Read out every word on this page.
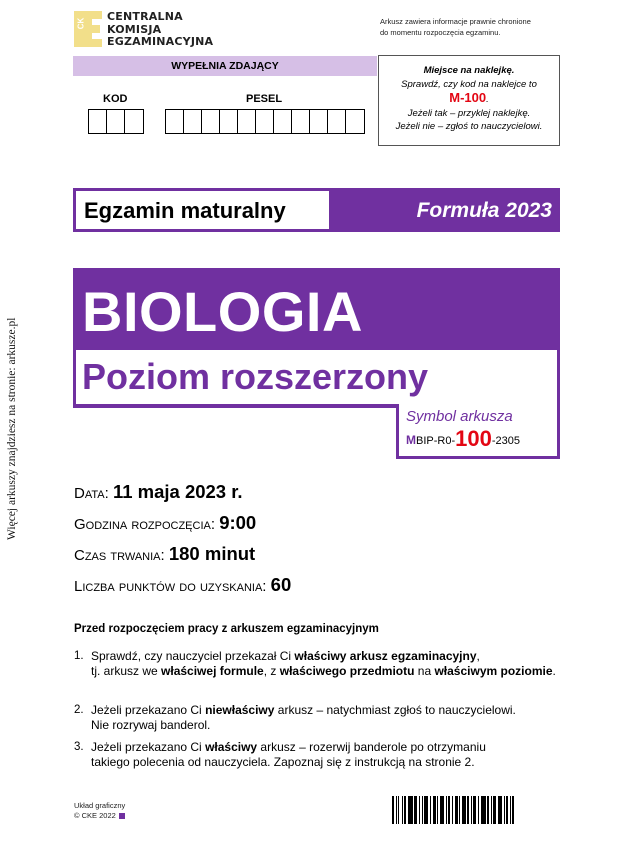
Więcej arkuszy znajdziesz na stronie: arkusze.pl
CK
CENTRALNA
KOMISJA
EGZAMINACYJNA
Arkusz zawiera informacje prawnie chronione
do momentu rozpoczęcia egzaminu.
WYPEŁNIA ZDAJĄCY
KOD	PESEL
Miejsce na naklejkę.
Sprawdź, czy kod na naklejce to
M-100.
Jeżeli tak – przyklej naklejkę.
Jeżeli nie – zgłoś to nauczycielowi.
Egzamin maturalny	Formuła 2023
BIOLOGIA
Poziom rozszerzony
Symbol arkusza
MBIP-R0-100-2305
Data: 11 maja 2023 r.
Godzina rozpoczęcia: 9:00
Czas trwania: 180 minut
Liczba punktów do uzyskania: 60
Przed rozpoczęciem pracy z arkuszem egzaminacyjnym
1. Sprawdź, czy nauczyciel przekazał Ci właściwy arkusz egzaminacyjny,
tj. arkusz we właściwej formule, z właściwego przedmiotu na właściwym poziomie.
2. Jeżeli przekazano Ci niewłaściwy arkusz – natychmiast zgłoś to nauczycielowi.
Nie rozrywaj banderol.
3. Jeżeli przekazano Ci właściwy arkusz – rozerwij banderole po otrzymaniu
takiego polecenia od nauczyciela. Zapoznaj się z instrukcją na stronie 2.
Układ graficzny
© CKE 2022
